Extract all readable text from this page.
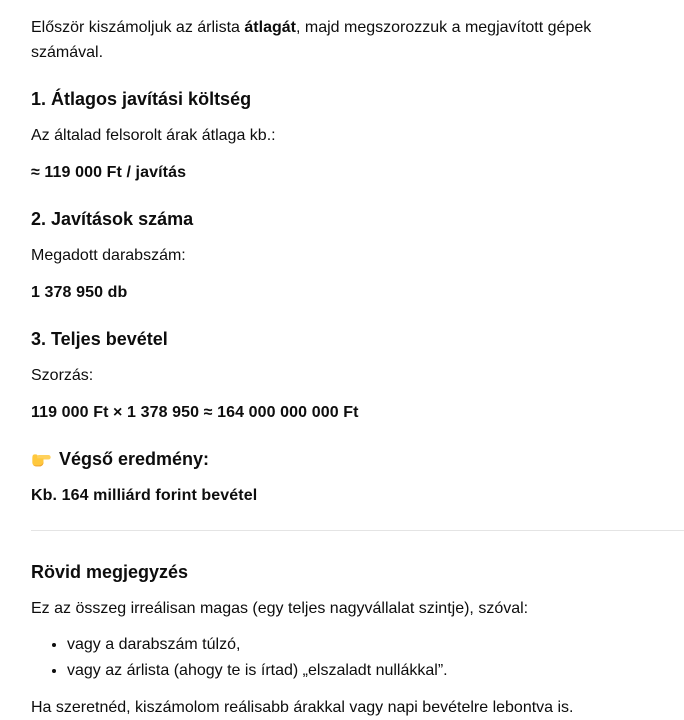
Először kiszámoljuk az árlista átlagát, majd megszorozzuk a megjavított gépek számával.

1. Átlagos javítási költség

Az általad felsorolt árak átlaga kb.:

≈ 119 000 Ft / javítás

2. Javítások száma

Megadott darabszám:

1 378 950 db

3. Teljes bevétel

Szorzás:

119 000 Ft × 1 378 950 ≈ 164 000 000 000 Ft

Végső eredmény:

Kb. 164 milliárd forint bevétel

Rövid megjegyzés

Ez az összeg irreálisan magas (egy teljes nagyvállalat szintje), szóval:

• vagy a darabszám túlzó,
• vagy az árlista (ahogy te is írtad) „elszaladt nullákkal”.

Ha szeretnéd, kiszámolom reálisabb árakkal vagy napi bevételre lebontva is.
